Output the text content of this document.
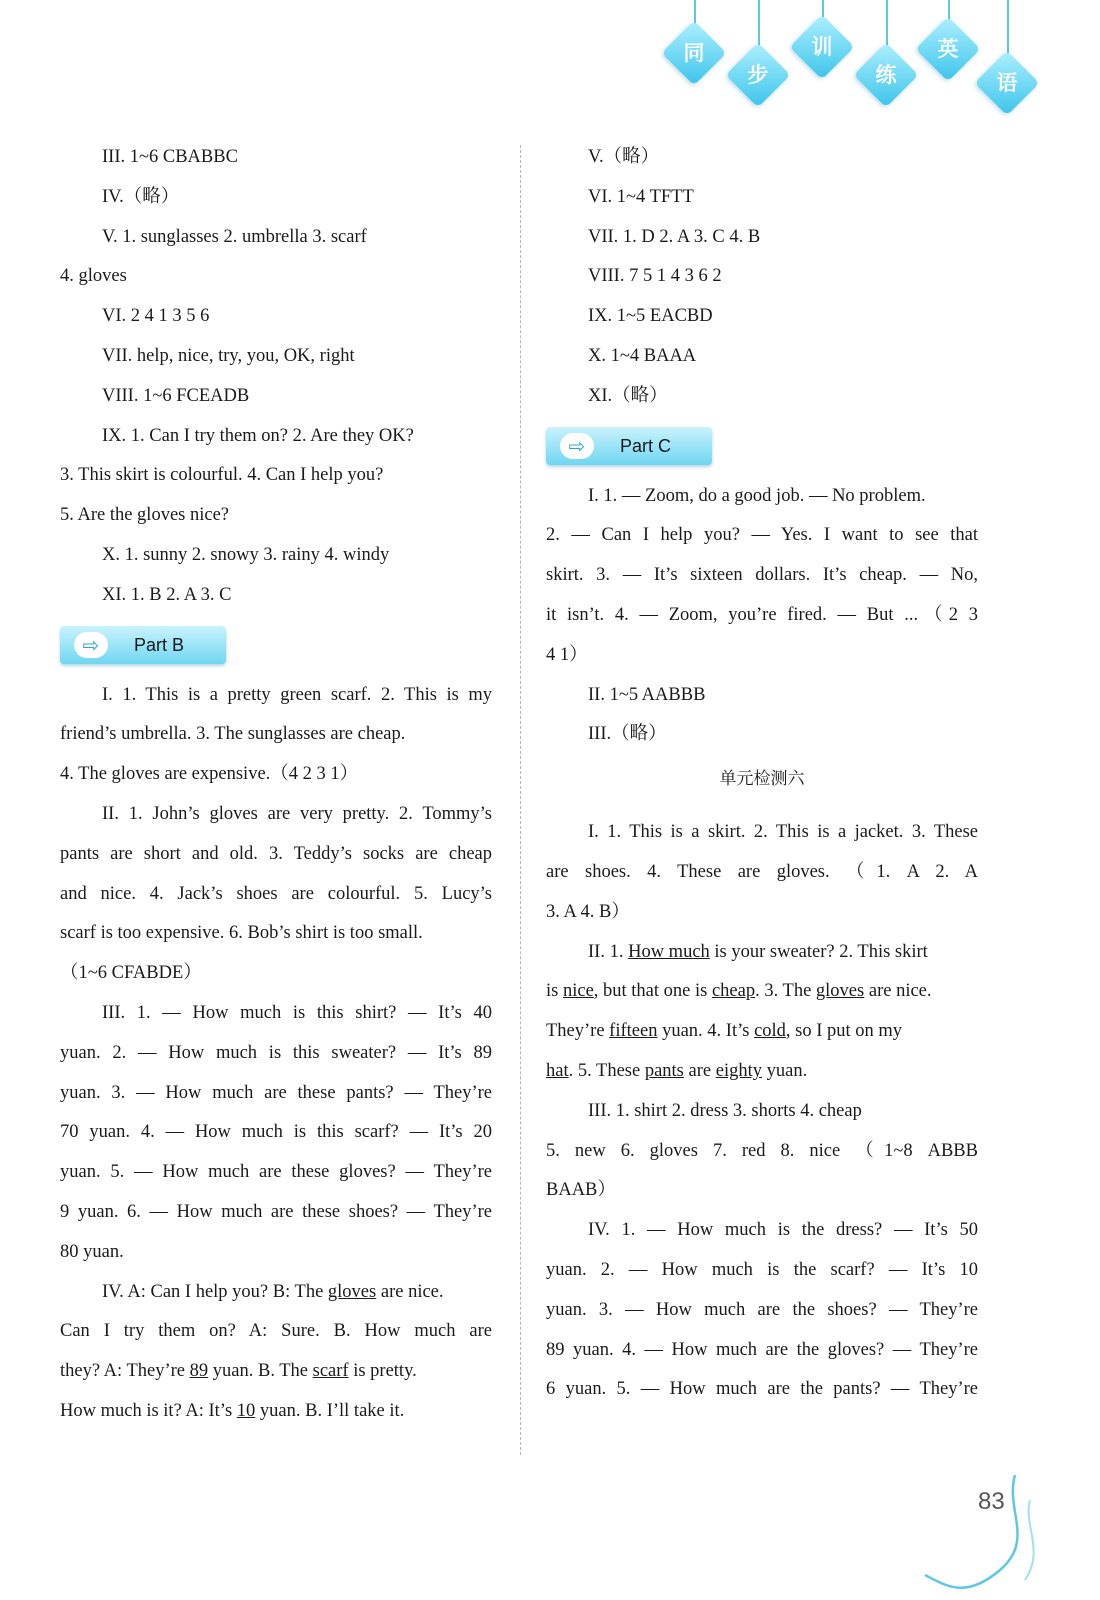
同
步
训
练
英
语
III. 1~6 CBABBC
IV.（略）
V. 1. sunglasses 2. umbrella 3. scarf
4. gloves
VI. 2 4 1 3 5 6
VII. help, nice, try, you, OK, right
VIII. 1~6 FCEADB
IX. 1. Can I try them on? 2. Are they OK?
3. This skirt is colourful. 4. Can I help you?
5. Are the gloves nice?
X. 1. sunny 2. snowy 3. rainy 4. windy
XI. 1. B 2. A 3. C
⇨	Part B
I. 1. This is a pretty green scarf. 2. This is my
friend’s umbrella. 3. The sunglasses are cheap.
4. The gloves are expensive.（4 2 3 1）
II. 1. John’s gloves are very pretty. 2. Tommy’s
pants are short and old. 3. Teddy’s socks are cheap
and nice. 4. Jack’s shoes are colourful. 5. Lucy’s
scarf is too expensive. 6. Bob’s shirt is too small.
（1~6 CFABDE）
III. 1. — How much is this shirt? — It’s 40
yuan. 2. — How much is this sweater? — It’s 89
yuan. 3. — How much are these pants? — They’re
70 yuan. 4. — How much is this scarf? — It’s 20
yuan. 5. — How much are these gloves? — They’re
9 yuan. 6. — How much are these shoes? — They’re
80 yuan.
IV. A: Can I help you? B: The gloves are nice.
Can I try them on? A: Sure. B. How much are
they? A: They’re 89 yuan. B. The scarf is pretty.
How much is it? A: It’s 10 yuan. B. I’ll take it.
V.（略）
VI. 1~4 TFTT
VII. 1. D 2. A 3. C 4. B
VIII. 7 5 1 4 3 6 2
IX. 1~5 EACBD
X. 1~4 BAAA
XI.（略）
⇨	Part C
I. 1. — Zoom, do a good job. — No problem.
2. — Can I help you? — Yes. I want to see that
skirt. 3. — It’s sixteen dollars. It’s cheap. — No,
it isn’t. 4. — Zoom, you’re fired. — But ...（2 3
4 1）
II. 1~5 AABBB
III.（略）
单元检测六
I. 1. This is a skirt. 2. This is a jacket. 3. These
are shoes. 4. These are gloves. （1. A 2. A
3. A 4. B）
II. 1. How much is your sweater? 2. This skirt
is nice, but that one is cheap. 3. The gloves are nice.
They’re fifteen yuan. 4. It’s cold, so I put on my
hat. 5. These pants are eighty yuan.
III. 1. shirt 2. dress 3. shorts 4. cheap
5. new 6. gloves 7. red 8. nice （1~8 ABBB
BAAB）
IV. 1. — How much is the dress? — It’s 50
yuan. 2. — How much is the scarf? — It’s 10
yuan. 3. — How much are the shoes? — They’re
89 yuan. 4. — How much are the gloves? — They’re
6 yuan. 5. — How much are the pants? — They’re
83
